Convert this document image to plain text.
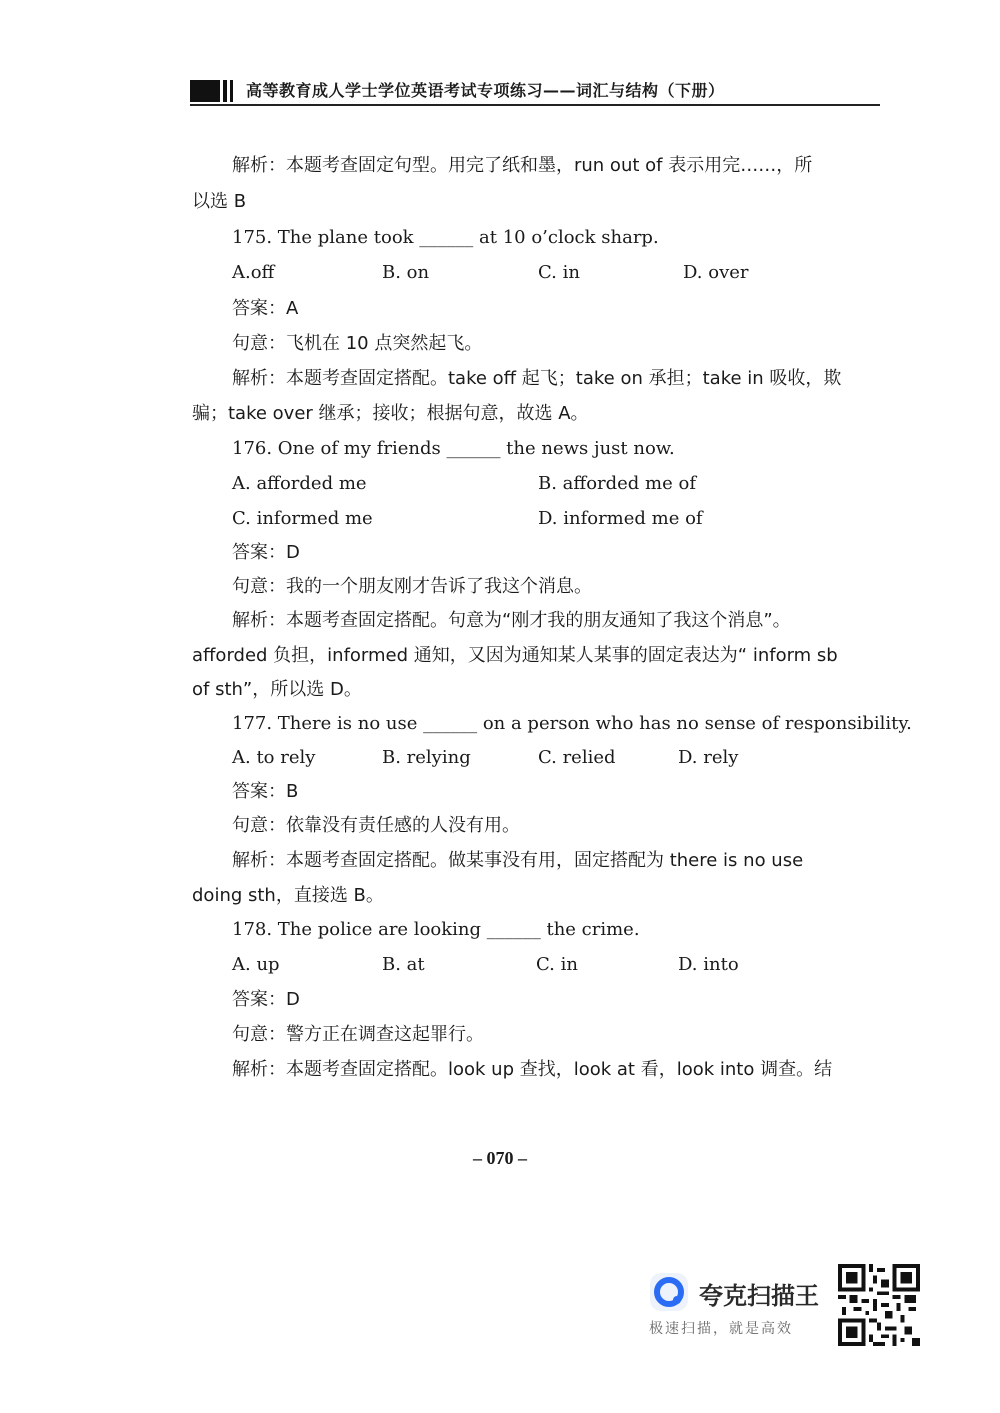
高等教育成人学士学位英语考试专项练习——词汇与结构（下册）
解析：本题考查固定句型。用完了纸和墨，run out of 表示用完……，所
以选 B
175. The plane took ______ at 10 o’clock sharp.
A.off	B. on	C. in	D. over
答案：A
句意：飞机在 10 点突然起飞。
解析：本题考查固定搭配。take off 起飞；take on 承担；take in 吸收，欺
骗；take over 继承；接收；根据句意，故选 A。
176. One of my friends ______ the news just now.
A. afforded me	B. afforded me of
C. informed me	D. informed me of
答案：D
句意：我的一个朋友刚才告诉了我这个消息。
解析：本题考查固定搭配。句意为“刚才我的朋友通知了我这个消息”。
afforded 负担，informed 通知，又因为通知某人某事的固定表达为“ inform sb
of sth”，所以选 D。
177. There is no use ______ on a person who has no sense of responsibility.
A. to rely	B. relying	C. relied	D. rely
答案：B
句意：依靠没有责任感的人没有用。
解析：本题考查固定搭配。做某事没有用，固定搭配为 there is no use
doing sth，直接选 B。
178. The police are looking ______ the crime.
A. up	B. at	C. in	D. into
答案：D
句意：警方正在调查这起罪行。
解析：本题考查固定搭配。look up 查找，look at 看，look into 调查。结
– 070 –
夸克扫描王
极速扫描，就是高效
